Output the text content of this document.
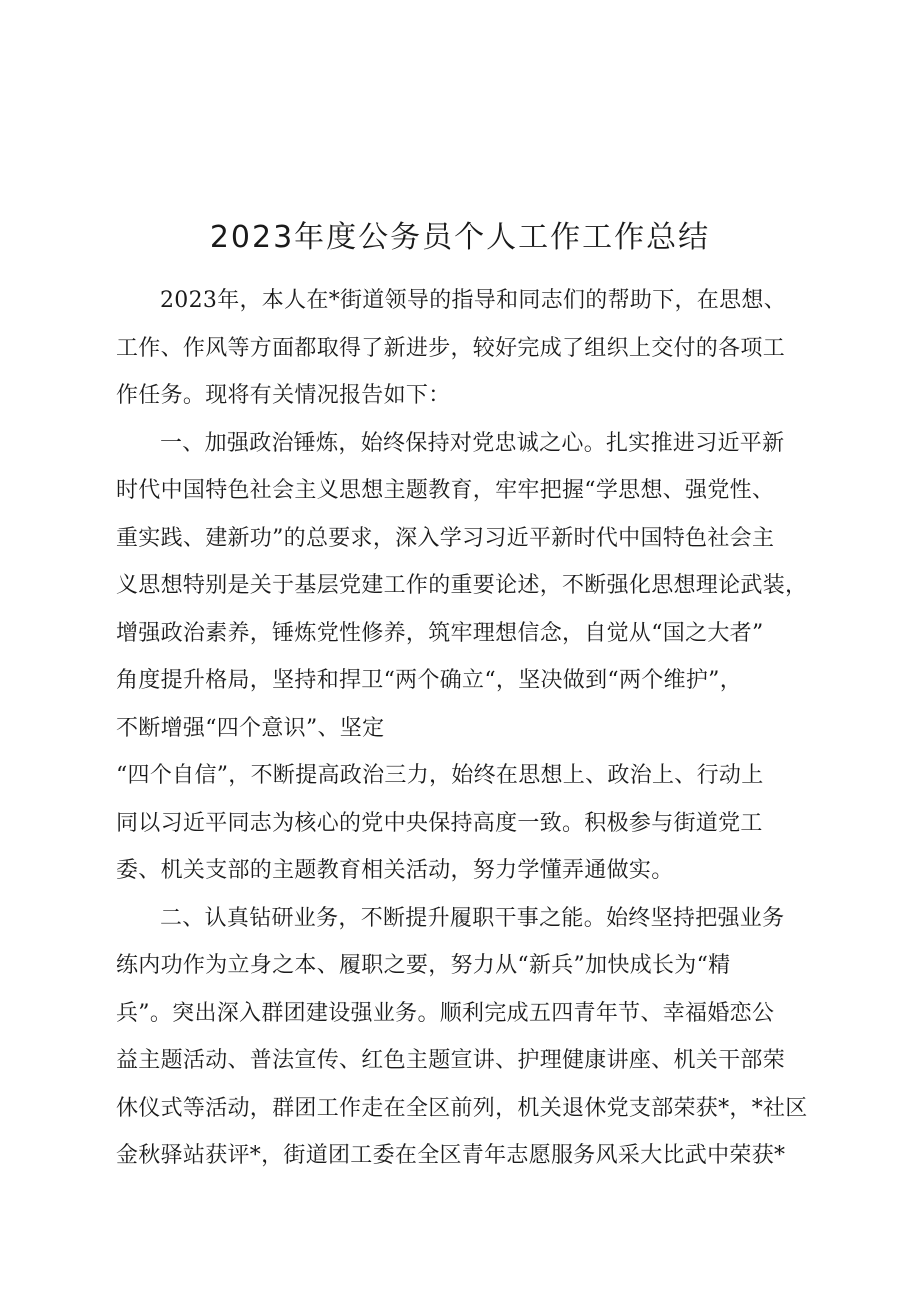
2023年度公务员个人工作工作总结
2023年，本人在*街道领导的指导和同志们的帮助下，在思想、
工作、作风等方面都取得了新进步，较好完成了组织上交付的各项工
作任务。现将有关情况报告如下：
一、加强政治锤炼，始终保持对党忠诚之心。扎实推进习近平新
时代中国特色社会主义思想主题教育，牢牢把握“学思想、强党性、
重实践、建新功”的总要求，深入学习习近平新时代中国特色社会主
义思想特别是关于基层党建工作的重要论述，不断强化思想理论武装，
增强政治素养，锤炼党性修养，筑牢理想信念，自觉从“国之大者”
角度提升格局，坚持和捍卫“两个确立“，坚决做到“两个维护”，
不断增强“四个意识”、坚定
“四个自信”，不断提高政治三力，始终在思想上、政治上、行动上
同以习近平同志为核心的党中央保持高度一致。积极参与街道党工
委、机关支部的主题教育相关活动，努力学懂弄通做实。
二、认真钻研业务，不断提升履职干事之能。始终坚持把强业务
练内功作为立身之本、履职之要，努力从“新兵”加快成长为“精
兵”。突出深入群团建设强业务。顺利完成五四青年节、幸福婚恋公
益主题活动、普法宣传、红色主题宣讲、护理健康讲座、机关干部荣
休仪式等活动，群团工作走在全区前列，机关退休党支部荣获*，*社区
金秋驿站获评*，街道团工委在全区青年志愿服务风采大比武中荣获*
